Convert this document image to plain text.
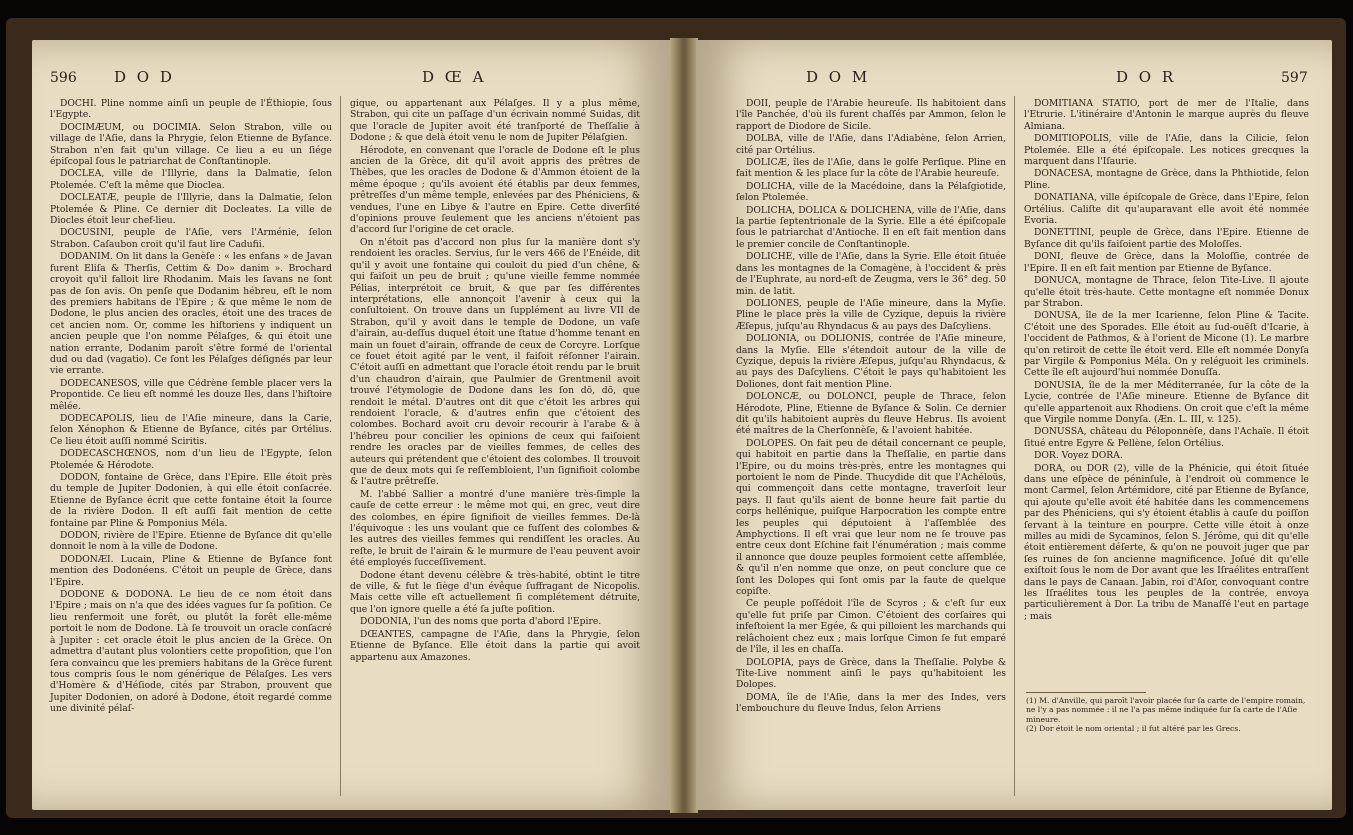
596 D O D	D Œ A

DOCHI. Pline nomme ainſi un peuple de l'Éthiopie, ſous l'Egypte.

DOCIMÆUM, ou DOCIMIA. Selon Strabon, ville ou village de l'Aſie, dans la Phrygie, ſelon Etienne de Byſance. Strabon n'en fait qu'un village. Ce lieu a eu un ſiége épiſcopal ſous le patriarchat de Conſtantinople.

DOCLEA, ville de l'Illyrie, dans la Dalmatie, ſelon Ptolemée. C'eſt la même que Dioclea.

DOCLEATÆ, peuple de l'Illyrie, dans la Dalmatie, ſelon Ptolemée & Pline. Ce dernier dit Docleates. La ville de Diocles étoit leur chef-lieu.

DOCUSINI, peuple de l'Aſie, vers l'Arménie, ſelon Strabon. Caſaubon croit qu'il faut lire Cadufii.

DODANIM. On lit dans la Genèſe : « les enfans » de Javan furent Eliſa & Therſis, Cettim & Do» danim ». Brochard croyoit qu'il falloit lire Rhodanim. Mais les ſavans ne ſont pas de ſon avis. On penſe que Dodanim hébreu, eſt le nom des premiers habitans de l'Epire ; & que même le nom de Dodone, le plus ancien des oracles, étoit une des traces de cet ancien nom. Or, comme les hiſtoriens y indiquent un ancien peuple que l'on nomme Pélaſges, & qui étoit une nation errante, Dodanim paroît s'être formé de l'oriental dud ou dad (vagatio). Ce ſont les Pélaſges déſignés par leur vie errante.

DODECANESOS, ville que Cédrène ſemble placer vers la Propontide. Ce lieu eſt nommé les douze Iles, dans l'hiſtoire mêlée.

DODECAPOLIS, lieu de l'Aſie mineure, dans la Carie, ſelon Xénophon & Etienne de Byſance, cités par Ortélius. Ce lieu étoit auſſi nommé Sciritis.

DODECASCHŒNOS, nom d'un lieu de l'Egypte, ſelon Ptolemée & Hérodote.

DODON, fontaine de Grèce, dans l'Epire. Elle étoit près du temple de Jupiter Dodonien, à qui elle étoit conſacrée. Etienne de Byſance écrit que cette fontaine étoit la ſource de la rivière Dodon. Il eſt auſſi fait mention de cette fontaine par Pline & Pomponius Méla.

DODON, rivière de l'Epire. Etienne de Byſance dit qu'elle donnoit le nom à la ville de Dodone.

DODONÆI. Lucain, Pline & Etienne de Byſance font mention des Dodonéens. C'étoit un peuple de Grèce, dans l'Epire.

DODONE & DODONA. Le lieu de ce nom étoit dans l'Epire ; mais on n'a que des idées vagues ſur ſa poſition. Ce lieu renfermoit une forêt, ou plutôt la forêt elle-même portoit le nom de Dodone. Là ſe trouvoit un oracle conſacré à Jupiter : cet oracle étoit le plus ancien de la Grèce. On admettra d'autant plus volontiers cette propoſition, que l'on ſera convaincu que les premiers habitans de la Grèce furent tous compris ſous le nom générique de Pélaſges. Les vers d'Homère & d'Héſiode, cités par Strabon, prouvent que Jupiter Dodonien, on adoré à Dodone, étoit regardé comme une divinité pélaſ-

gique, ou appartenant aux Pélaſges. Il y a plus même, Strabon, qui cite un paſſage d'un écrivain nommé Suidas, dit que l'oracle de Jupiter avoit été tranſporté de Theſſalie à Dodone ; & que delà étoit venu le nom de Jupiter Pélaſgien.

Hérodote, en convenant que l'oracle de Dodone eſt le plus ancien de la Grèce, dit qu'il avoit appris des prêtres de Thèbes, que les oracles de Dodone & d'Ammon étoient de la même époque ; qu'ils avoient été établis par deux femmes, prêtreſſes d'un même temple, enlevées par des Phéniciens, & vendues, l'une en Libye & l'autre en Epire. Cette diverſité d'opinions prouve ſeulement que les anciens n'étoient pas d'accord ſur l'origine de cet oracle.

On n'étoit pas d'accord non plus ſur la manière dont s'y rendoient les oracles. Servius, ſur le vers 466 de l'Enéide, dit qu'il y avoit une fontaine qui couloit du pied d'un chêne, & qui faiſoit un peu de bruit ; qu'une vieille femme nommée Pélias, interprétoit ce bruit, & que par ſes différentes interprétations, elle annonçoit l'avenir à ceux qui la conſultoient. On trouve dans un ſupplément au livre VII de Strabon, qu'il y avoit dans le temple de Dodone, un vaſe d'airain, au-deſſus duquel étoit une ſtatue d'homme tenant en main un fouet d'airain, offrande de ceux de Corcyre. Lorſque ce fouet étoit agité par le vent, il faiſoit réſonner l'airain. C'étoit auſſi en admettant que l'oracle étoit rendu par le bruit d'un chaudron d'airain, que Paulmier de Grentmenil avoit trouvé l'étymologie de Dodone dans les ſon dō, dō, que rendoit le métal. D'autres ont dit que c'étoit les arbres qui rendoient l'oracle, & d'autres enfin que c'étoient des colombes. Bochard avoit cru devoir recourir à l'arabe & à l'hébreu pour concilier les opinions de ceux qui faiſoient rendre les oracles par de vieilles femmes, de celles des auteurs qui prétendent que c'étoient des colombes. Il trouvoit que de deux mots qui ſe reſſembloient, l'un ſignifioit colombe & l'autre prêtreſſe.

M. l'abbé Sallier a montré d'une manière très-ſimple la cauſe de cette erreur : le même mot qui, en grec, veut dire des colombes, en épire ſignifioit de vieilles femmes. De-là l'équivoque : les uns voulant que ce fuſſent des colombes & les autres des vieilles femmes qui rendiſſent les oracles. Au reſte, le bruit de l'airain & le murmure de l'eau peuvent avoir été employés ſucceſſivement.

Dodone étant devenu célèbre & très-habité, obtint le titre de ville, & fut le ſiège d'un évêque ſuffragant de Nicopolis. Mais cette ville eſt actuellement ſi complétement détruite, que l'on ignore quelle a été ſa juſte poſition.

DODONIA, l'un des noms que porta d'abord l'Epire.

DŒANTES, campagne de l'Aſie, dans la Phrygie, ſelon Etienne de Byſance. Elle étoit dans la partie qui avoit appartenu aux Amazones.

D O M	D O R	597

DOII, peuple de l'Arabie heureuſe. Ils habitoient dans l'île Panchée, d'où ils furent chaſſés par Ammon, ſelon le rapport de Diodore de Sicile.

DOLBA, ville de l'Aſie, dans l'Adiabène, ſelon Arrien, cité par Ortélius.

DOLICÆ, îles de l'Aſie, dans le golfe Perſique. Pline en fait mention & les place ſur la côte de l'Arabie heureuſe.

DOLICHA, ville de la Macédoine, dans la Pélaſgiotide, ſelon Ptolemée.

DOLICHA, DOLICA & DOLICHENA, ville de l'Aſie, dans la partie ſeptentrionale de la Syrie. Elle a été épiſcopale ſous le patriarchat d'Antioche. Il en eſt fait mention dans le premier concile de Conſtantinople.

DOLICHE, ville de l'Aſie, dans la Syrie. Elle étoit ſituée dans les montagnes de la Comagène, à l'occident & près de l'Euphrate, au nord-eſt de Zeugma, vers le 36° deg. 50 min. de latit.

DOLIONES, peuple de l'Aſie mineure, dans la Myſie. Pline le place près la ville de Cyzique, depuis la rivière Æſepus, juſqu'au Rhyndacus & au pays des Daſcyliens.

DOLIONIA, ou DOLIONIS, contrée de l'Aſie mineure, dans la Myſie. Elle s'étendoit autour de la ville de Cyzique, depuis la rivière Æſepus, juſqu'au Rhyndacus, & au pays des Daſcyliens. C'étoit le pays qu'habitoient les Doliones, dont fait mention Pline.

DOLONCÆ, ou DOLONCI, peuple de Thrace, ſelon Hérodote, Pline, Etienne de Byſance & Solin. Ce dernier dit qu'ils habitoient auprès du fleuve Hebrus. Ils avoient été maîtres de la Cherſonnèſe, & l'avoient habitée.

DOLOPES. On fait peu de détail concernant ce peuple, qui habitoit en partie dans la Theſſalie, en partie dans l'Epire, ou du moins très-près, entre les montagnes qui portoient le nom de Pinde. Thucydide dit que l'Achéloüs, qui commençoit dans cette montagne, traverſoit leur pays. Il faut qu'ils aient de bonne heure fait partie du corps hellénique, puiſque Harpocration les compte entre les peuples qui députoient à l'aſſemblée des Amphyctions. Il eſt vrai que leur nom ne ſe trouve pas entre ceux dont Eſchine fait l'énumération ; mais comme il annonce que douze peuples formoient cette aſſemblée, & qu'il n'en nomme que onze, on peut conclure que ce ſont les Dolopes qui ſont omis par la faute de quelque copiſte.

Ce peuple poſſédoit l'île de Scyros ; & c'eſt ſur eux qu'elle fut priſe par Cimon. C'étoient des corſaires qui infeſtoient la mer Egée, & qui pilloient les marchands qui relâchoient chez eux ; mais lorſque Cimon ſe fut emparé de l'île, il les en chaſſa.

DOLOPIA, pays de Grèce, dans la Theſſalie. Polybe & Tite-Live nomment ainſi le pays qu'habitoient les Dolopes.

DOMA, île de l'Aſie, dans la mer des Indes, vers l'embouchure du fleuve Indus, ſelon Arriens

DOMITIANA STATIO, port de mer de l'Italie, dans l'Etrurie. L'itinéraire d'Antonin le marque auprès du fleuve Almiana.

DOMITIOPOLIS, ville de l'Aſie, dans la Cilicie, ſelon Ptolemée. Elle a été épiſcopale. Les notices grecques la marquent dans l'Iſaurie.

DONACESA, montagne de Grèce, dans la Phthiotide, ſelon Pline.

DONATIANA, ville épiſcopale de Grèce, dans l'Epire, ſelon Ortélius. Caliſte dit qu'auparavant elle avoit été nommée Evoria.

DONETTINI, peuple de Grèce, dans l'Epire. Etienne de Byſance dit qu'ils faiſoient partie des Moloſſes.

DONI, fleuve de Grèce, dans la Moloſſie, contrée de l'Epire. Il en eſt fait mention par Etienne de Byſance.

DONUCA, montagne de Thrace, ſelon Tite-Live. Il ajoute qu'elle étoit très-haute. Cette montagne eſt nommée Donux par Strabon.

DONUSA, île de la mer Icarienne, ſelon Pline & Tacite. C'étoit une des Sporades. Elle étoit au ſud-ouëſt d'Icarie, à l'occident de Pathmos, & à l'orient de Micone (1). Le marbre qu'on retiroit de cette île étoit verd. Elle eſt nommée Donyſa par Virgile & Pomponius Méla. On y reléguoit les criminels. Cette île eſt aujourd'hui nommée Donuſſa.

DONUSIA, île de la mer Méditerranée, ſur la côte de la Lycie, contrée de l'Aſie mineure. Etienne de Byſance dit qu'elle appartenoit aux Rhodiens. On croit que c'eſt la même que Virgile nomme Donyſa. (Æn. L. III, v. 125).

DONUSSA, château du Péloponnèſe, dans l'Achaïe. Il étoit ſitué entre Egyre & Pellène, ſelon Ortélius.

DOR. Voyez DORA.

DORA, ou DOR (2), ville de la Phénicie, qui étoit ſituée dans une eſpèce de péninſule, à l'endroit où commence le mont Carmel, ſelon Artémidore, cité par Etienne de Byſance, qui ajoute qu'elle avoit été habitée dans les commencemens par des Phéniciens, qui s'y étoient établis à cauſe du poiſſon ſervant à la teinture en pourpre. Cette ville étoit à onze milles au midi de Sycaminos, ſelon S. Jérôme, qui dit qu'elle étoit entièrement déſerte, & qu'on ne pouvoit juger que par ſes ruines de ſon ancienne magnificence. Joſué dit qu'elle exiſtoit ſous le nom de Dor avant que les Iſraélites entraſſent dans le pays de Canaan. Jabin, roi d'Aſor, convoquant contre les Iſraélites tous les peuples de la contrée, envoya particulièrement à Dor. La tribu de Manaſſé l'eut en partage ; mais

(1) M. d'Anville, qui paroît l'avoir placée ſur ſa carte de l'empire romain, ne l'y a pas nommée : il ne l'a pas même indiquée ſur ſa carte de l'Aſie mineure.
(2) Dor étoit le nom oriental ; il fut altéré par les Grecs.
